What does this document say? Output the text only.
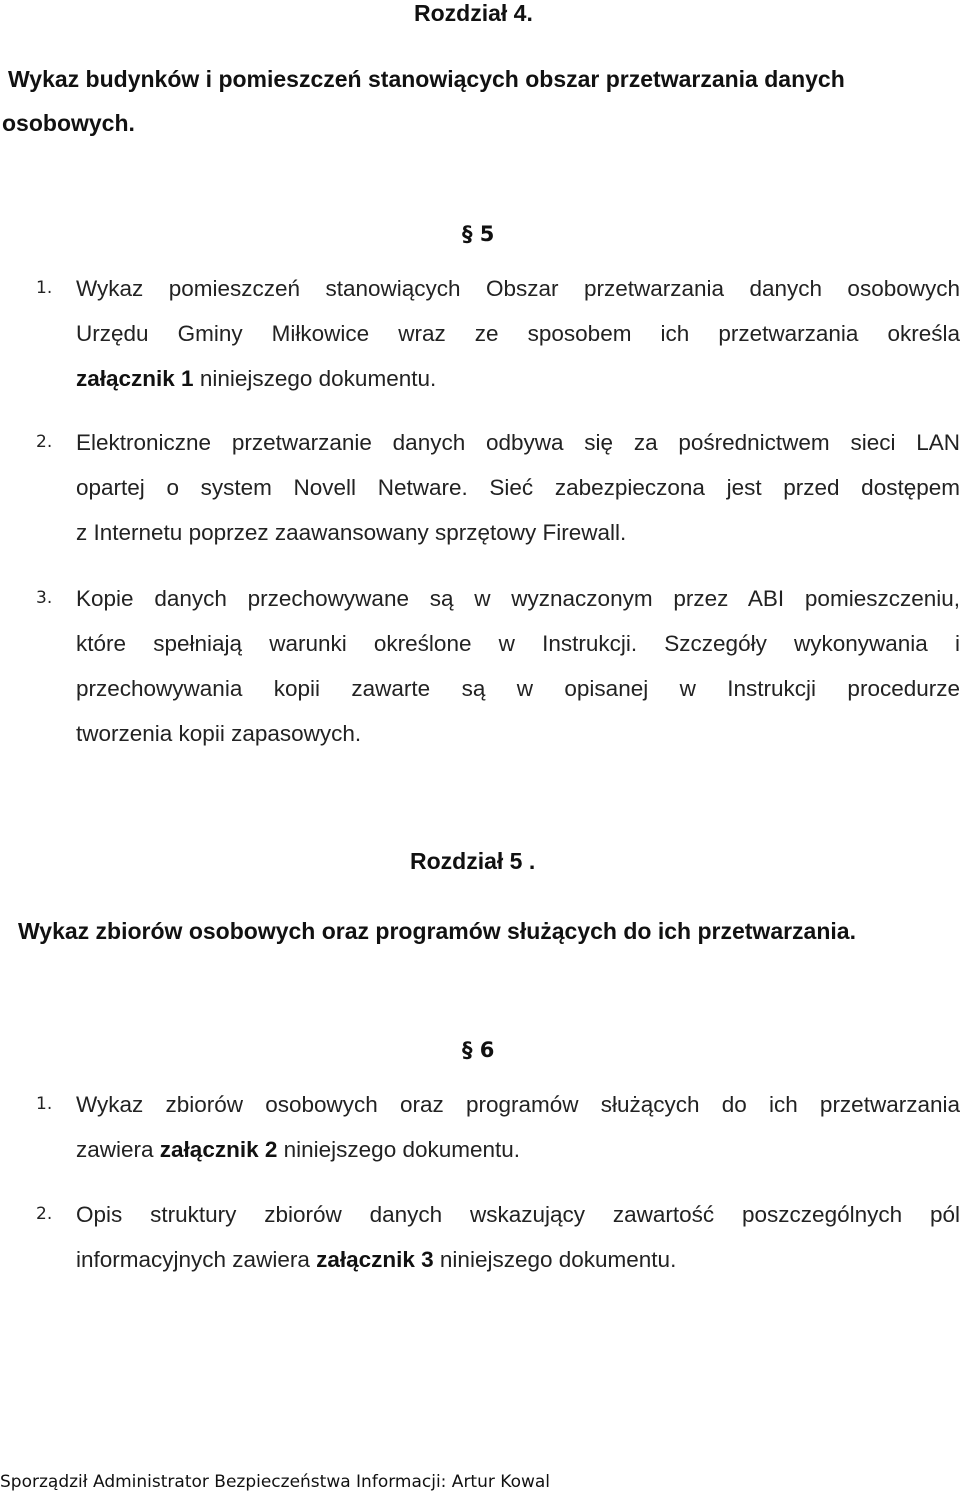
Rozdział 4.
Wykaz budynków i pomieszczeń stanowiących obszar przetwarzania danych
osobowych.
§ 5
1. Wykaz pomieszczeń stanowiących Obszar przetwarzania danych osobowych
Urzędu Gminy Miłkowice wraz ze sposobem ich przetwarzania określa
załącznik 1 niniejszego dokumentu.
2. Elektroniczne przetwarzanie danych odbywa się za pośrednictwem sieci LAN
opartej o system Novell Netware. Sieć zabezpieczona jest przed dostępem
z Internetu poprzez zaawansowany sprzętowy Firewall.
3. Kopie danych przechowywane są w wyznaczonym przez ABI pomieszczeniu,
które spełniają warunki określone w Instrukcji. Szczegóły wykonywania i
przechowywania kopii zawarte są w opisanej w Instrukcji procedurze
tworzenia kopii zapasowych.
Rozdział 5 .
Wykaz zbiorów osobowych oraz programów służących do ich przetwarzania.
§ 6
1. Wykaz zbiorów osobowych oraz programów służących do ich przetwarzania
zawiera załącznik 2 niniejszego dokumentu.
2. Opis struktury zbiorów danych wskazujący zawartość poszczególnych pól
informacyjnych zawiera załącznik 3 niniejszego dokumentu.
Sporządził Administrator Bezpieczeństwa Informacji: Artur Kowal
